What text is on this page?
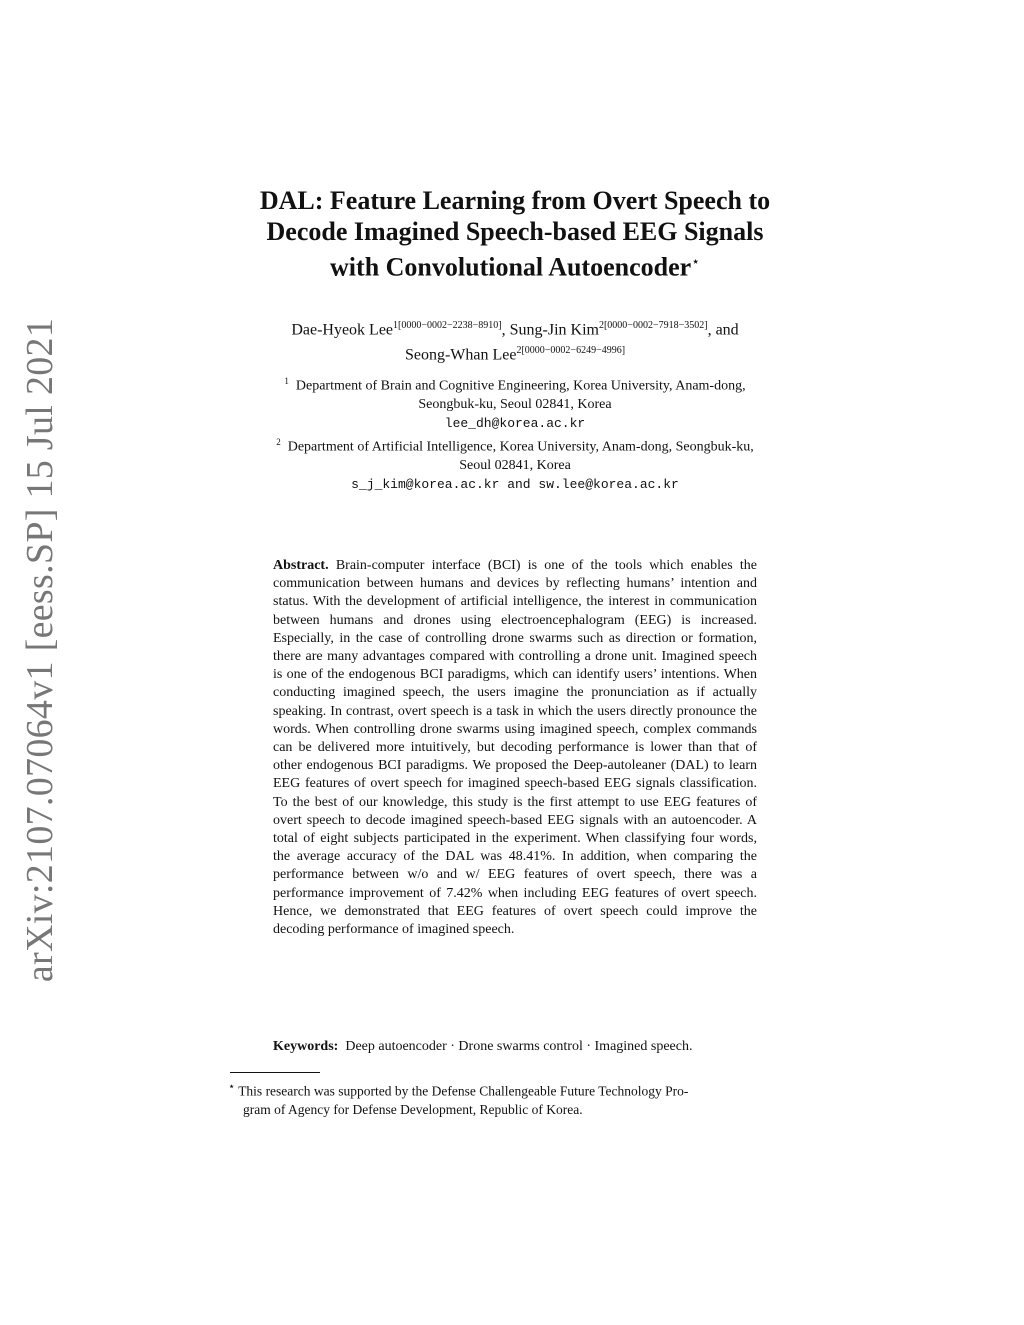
arXiv:2107.07064v1 [eess.SP] 15 Jul 2021
DAL: Feature Learning from Overt Speech to
Decode Imagined Speech-based EEG Signals
with Convolutional Autoencoder⋆
Dae-Hyeok Lee$^{1[0000-0002-2238-8910]}$, Sung-Jin Kim$^{2[0000-0002-7918-3502]}$, and
Seong-Whan Lee$^{2[0000-0002-6249-4996]}$
$^1$ Department of Brain and Cognitive Engineering, Korea University, Anam-dong,
Seongbuk-ku, Seoul 02841, Korea
lee_dh@korea.ac.kr
$^2$ Department of Artificial Intelligence, Korea University, Anam-dong, Seongbuk-ku,
Seoul 02841, Korea
s_j_kim@korea.ac.kr and sw.lee@korea.ac.kr
Abstract. Brain-computer interface (BCI) is one of the tools which enables the communication between humans and devices by reflecting humans’ intention and status. With the development of artificial intelligence, the interest in communication between humans and drones using electroencephalogram (EEG) is increased. Especially, in the case of controlling drone swarms such as direction or formation, there are many advantages compared with controlling a drone unit. Imagined speech is one of the endogenous BCI paradigms, which can identify users’ intentions. When conducting imagined speech, the users imagine the pronunciation as if actually speaking. In contrast, overt speech is a task in which the users directly pronounce the words. When controlling drone swarms using imagined speech, complex commands can be delivered more intuitively, but decoding performance is lower than that of other endogenous BCI paradigms. We proposed the Deep-autoleaner (DAL) to learn EEG features of overt speech for imagined speech-based EEG signals classification. To the best of our knowledge, this study is the first attempt to use EEG features of overt speech to decode imagined speech-based EEG signals with an autoencoder. A total of eight subjects participated in the experiment. When classifying four words, the average accuracy of the DAL was 48.41%. In addition, when comparing the performance between w/o and w/ EEG features of overt speech, there was a performance improvement of 7.42% when including EEG features of overt speech. Hence, we demonstrated that EEG features of overt speech could improve the decoding performance of imagined speech.
Keywords: Deep autoencoder · Drone swarms control · Imagined speech.
⋆ This research was supported by the Defense Challengeable Future Technology Pro-
gram of Agency for Defense Development, Republic of Korea.
